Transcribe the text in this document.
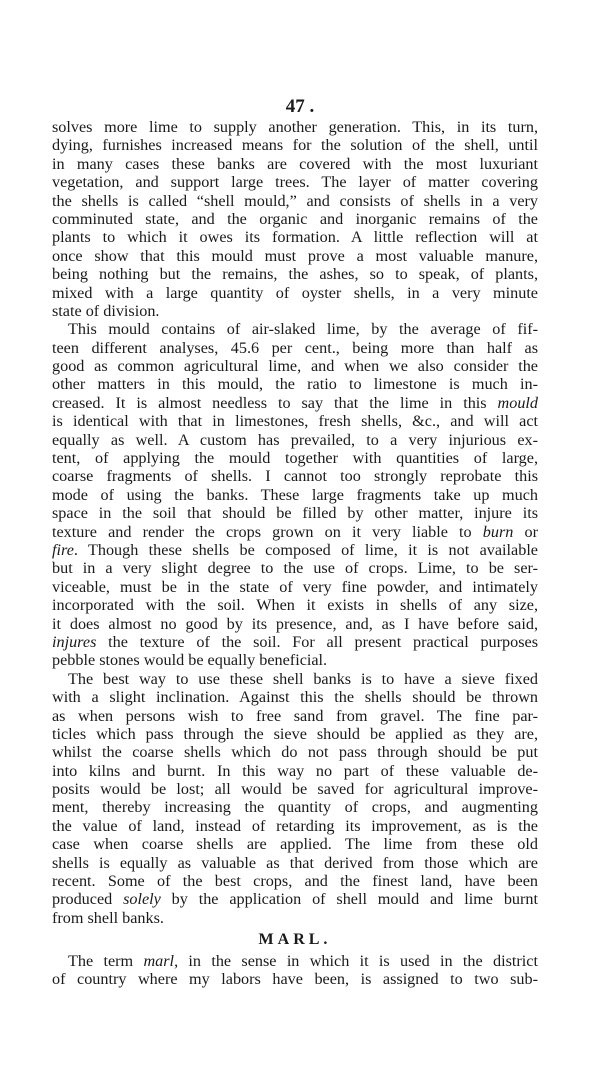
47 .
solves more lime to supply another generation. This, in its turn,
dying, furnishes increased means for the solution of the shell, until
in many cases these banks are covered with the most luxuriant
vegetation, and support large trees. The layer of matter covering
the shells is called “shell mould,” and consists of shells in a very
comminuted state, and the organic and inorganic remains of the
plants to which it owes its formation. A little reflection will at
once show that this mould must prove a most valuable manure,
being nothing but the remains, the ashes, so to speak, of plants,
mixed with a large quantity of oyster shells, in a very minute
state of division.
This mould contains of air-slaked lime, by the average of fif-
teen different analyses, 45.6 per cent., being more than half as
good as common agricultural lime, and when we also consider the
other matters in this mould, the ratio to limestone is much in-
creased. It is almost needless to say that the lime in this mould
is identical with that in limestones, fresh shells, &c., and will act
equally as well. A custom has prevailed, to a very injurious ex-
tent, of applying the mould together with quantities of large,
coarse fragments of shells. I cannot too strongly reprobate this
mode of using the banks. These large fragments take up much
space in the soil that should be filled by other matter, injure its
texture and render the crops grown on it very liable to burn or
fire. Though these shells be composed of lime, it is not available
but in a very slight degree to the use of crops. Lime, to be ser-
viceable, must be in the state of very fine powder, and intimately
incorporated with the soil. When it exists in shells of any size,
it does almost no good by its presence, and, as I have before said,
injures the texture of the soil. For all present practical purposes
pebble stones would be equally beneficial.
The best way to use these shell banks is to have a sieve fixed
with a slight inclination. Against this the shells should be thrown
as when persons wish to free sand from gravel. The fine par-
ticles which pass through the sieve should be applied as they are,
whilst the coarse shells which do not pass through should be put
into kilns and burnt. In this way no part of these valuable de-
posits would be lost; all would be saved for agricultural improve-
ment, thereby increasing the quantity of crops, and augmenting
the value of land, instead of retarding its improvement, as is the
case when coarse shells are applied. The lime from these old
shells is equally as valuable as that derived from those which are
recent. Some of the best crops, and the finest land, have been
produced solely by the application of shell mould and lime burnt
from shell banks.
MARL.
The term marl, in the sense in which it is used in the district
of country where my labors have been, is assigned to two sub-
